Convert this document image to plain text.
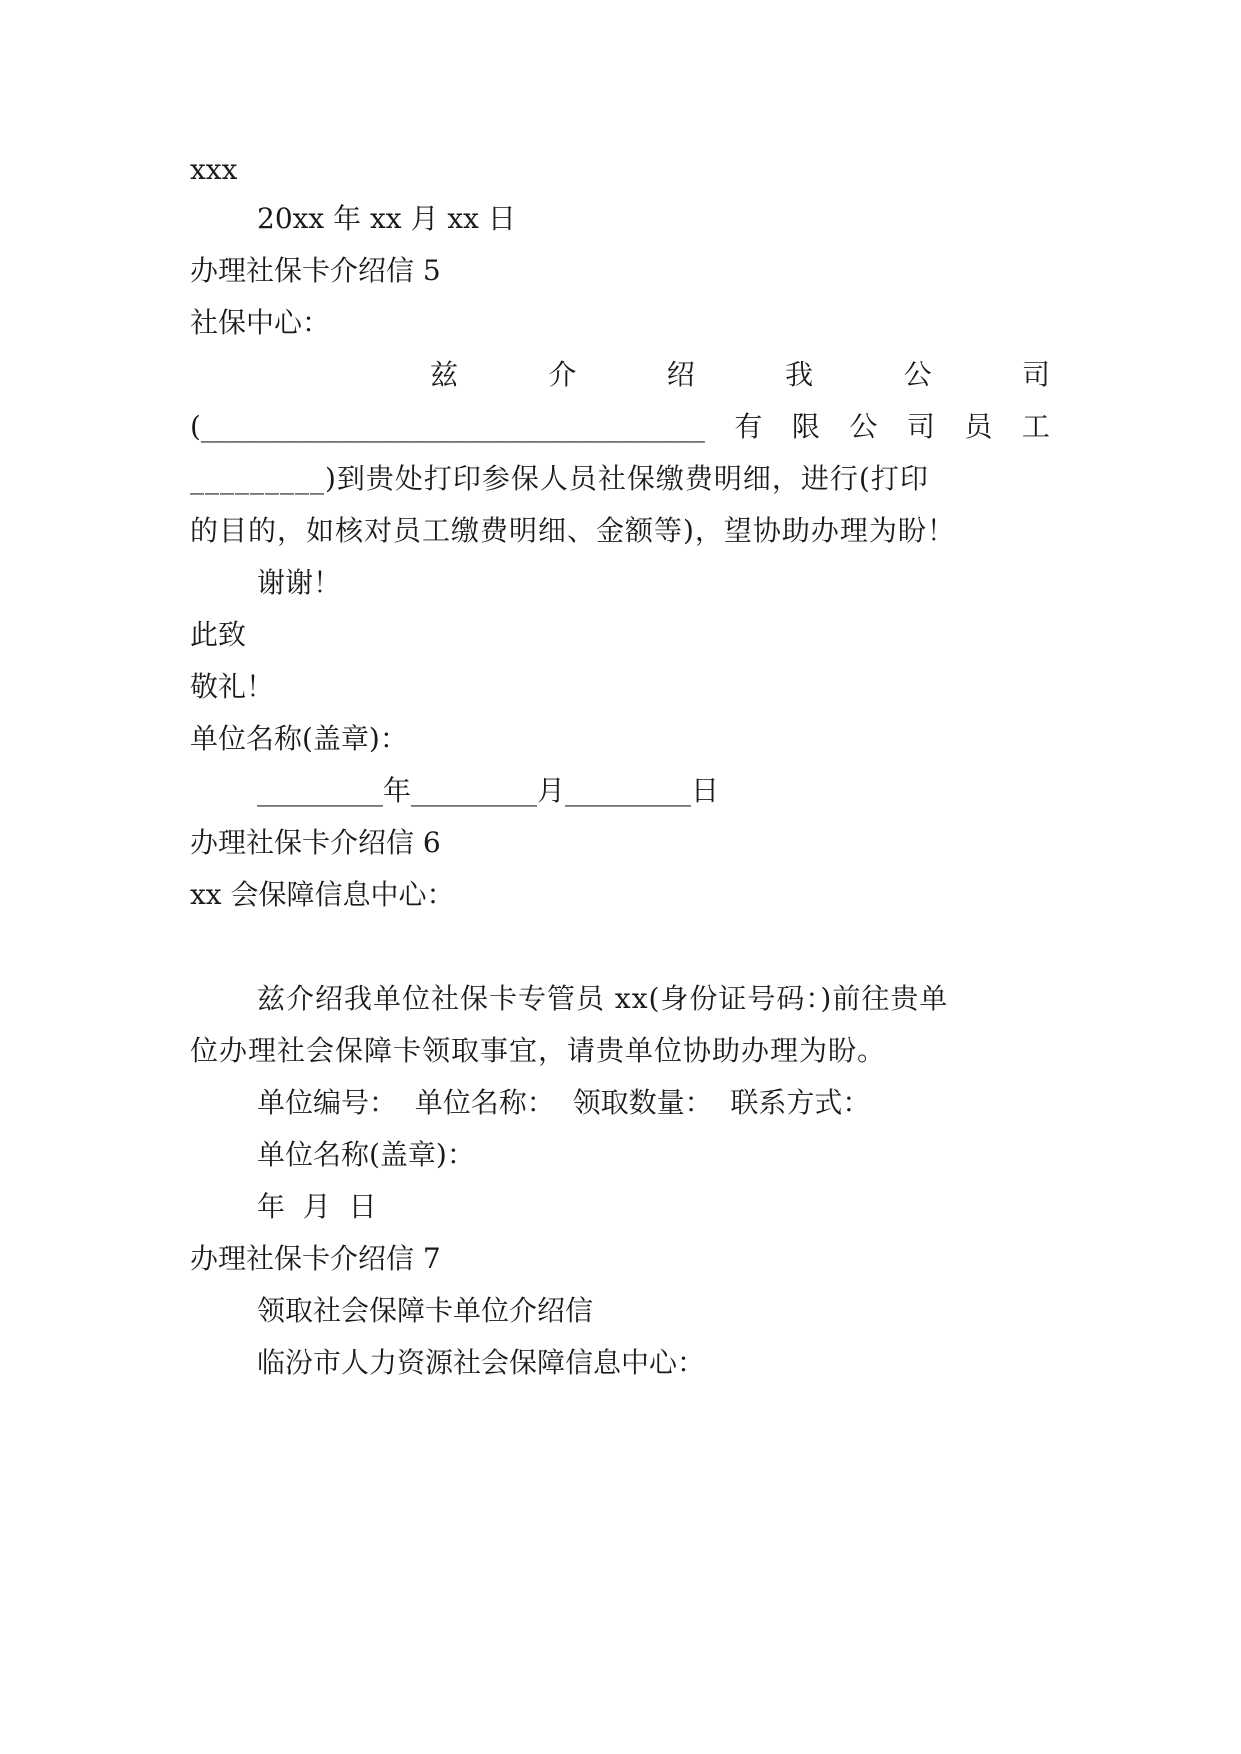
xxx
20xx 年 xx 月 xx 日
办理社保卡介绍信 5
社保中心：
兹	介	绍	我	公	司
(____________________________________ 有 限 公 司 员 工
_________)到贵处打印参保人员社保缴费明细，进行(打印
的目的，如核对员工缴费明细、金额等)，望协助办理为盼！
谢谢！
此致
敬礼！
单位名称(盖章)：
_________年_________月_________日
办理社保卡介绍信 6
xx 会保障信息中心：
兹介绍我单位社保卡专管员 xx(身份证号码：)前往贵单
位办理社会保障卡领取事宜，请贵单位协助办理为盼。
单位编号：  单位名称：  领取数量：  联系方式：
单位名称(盖章)：
年  月  日
办理社保卡介绍信 7
领取社会保障卡单位介绍信
临汾市人力资源社会保障信息中心：
